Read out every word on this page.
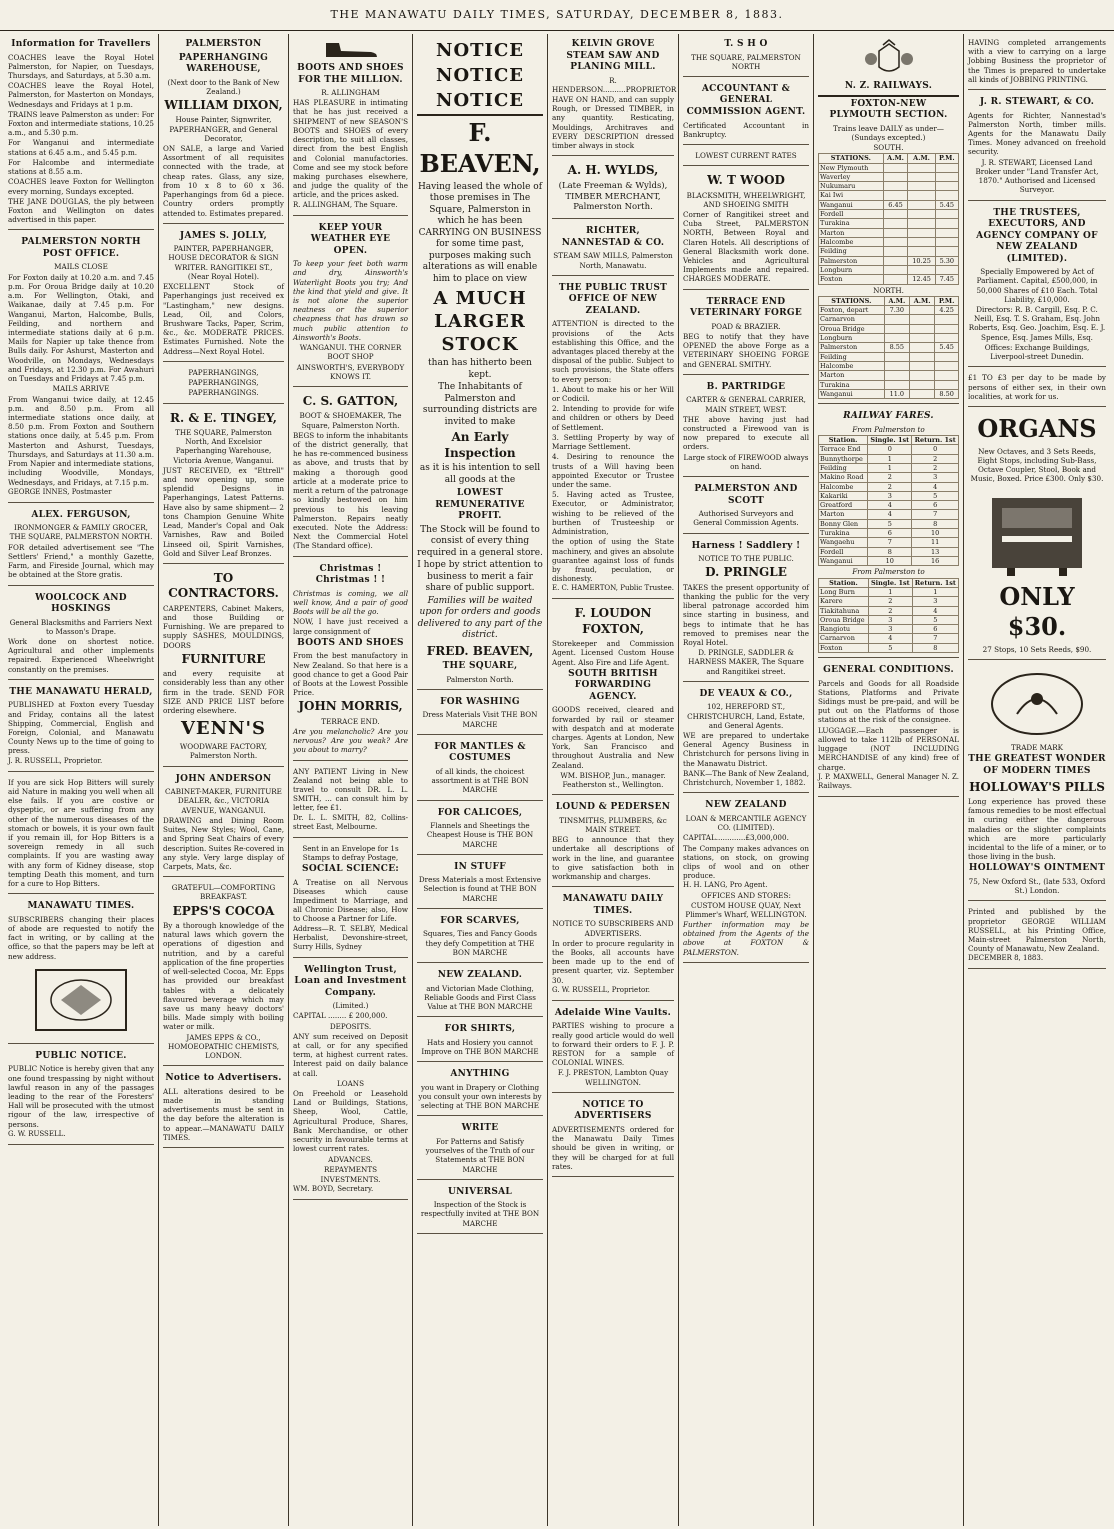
THE MANAWATU DAILY TIMES, SATURDAY, DECEMBER 8, 1883.
Information for Travellers

COACHES leave the Royal Hotel Palmerston, for Napier, on Tuesdays, Thursdays, and Saturdays, at 5.30 a.m.

COACHES leave the Royal Hotel, Palmerston, for Masterton on Mondays, Wednesdays and Fridays at 1 p.m.

TRAINS leave Palmerston as under: For Foxton and intermediate stations, 10.25 a.m., and 5.30 p.m.

For Wanganui and intermediate stations at 6.45 a.m., and 5.45 p.m.

For Halcombe and intermediate stations at 8.55 a.m.

COACHES leave Foxton for Wellington every morning, Sundays excepted.

THE JANE DOUGLAS, the ply between Foxton and Wellington on dates advertised in this paper.

PALMERSTON NORTH POST OFFICE.

MAILS CLOSE

For Foxton daily at 10.20 a.m. and 7.45 p.m. For Oroua Bridge daily at 10.20 a.m. For Wellington, Otaki, and Waikanae, daily at 7.45 p.m. For Wanganui, Marton, Halcombe, Bulls, Feilding, and northern and intermediate stations daily at 6 p.m. Mails for Napier up take thence from Bulls daily. For Ashurst, Masterton and Woodville, on Mondays, Wednesdays and Fridays, at 12.30 p.m. For Awahuri on Tuesdays and Fridays at 7.45 p.m.

MAILS ARRIVE

From Wanganui twice daily, at 12.45 p.m. and 8.50 p.m. From all intermediate stations once daily, at 8.50 p.m. From Foxton and Southern stations once daily, at 5.45 p.m. From Masterton and Ashurst, Tuesdays, Thursdays, and Saturdays at 11.30 a.m. From Napier and intermediate stations, including Woodville, Mondays, Wednesdays, and Fridays, at 7.15 p.m.

GEORGE INNES, Postmaster

ALEX. FERGUSON,

IRONMONGER & FAMILY GROCER, THE SQUARE, PALMERSTON NORTH.

FOR detailed advertisement see "The Settlers' Friend," a monthly Gazette, Farm, and Fireside Journal, which may be obtained at the Store gratis.

WOOLCOCK AND HOSKINGS

General Blacksmiths and Farriers Next to Masson's Drape.

Work done on shortest notice. Agricultural and other implements repaired. Experienced Wheelwright constantly on the premises.

THE MANAWATU HERALD,

PUBLISHED at Foxton every Tuesday and Friday, contains all the latest Shipping, Commercial, English and Foreign, Colonial, and Manawatu County News up to the time of going to press.

J. R. RUSSELL, Proprietor.

If you are sick Hop Bitters will surely aid Nature in making you well when all else fails. If you are costive or dyspeptic, or are suffering from any other of the numerous diseases of the stomach or bowels, it is your own fault if you remain ill, for Hop Bitters is a sovereign remedy in all such complaints. If you are wasting away with any form of Kidney disease, stop tempting Death this moment, and turn for a cure to Hop Bitters.

MANAWATU TIMES.

SUBSCRIBERS changing their places of abode are requested to notify the fact in writing, or by calling at the office, so that the papers may be left at new address.

PUBLIC NOTICE.

PUBLIC Notice is hereby given that any one found trespassing by night without lawful reason in any of the passages leading to the rear of the Foresters' Hall will be prosecuted with the utmost rigour of the law, irrespective of persons.

G. W. RUSSELL.

PALMERSTON
PAPERHANGING WAREHOUSE,

(Next door to the Bank of New Zealand.)

WILLIAM DIXON,

House Painter, Signwriter, PAPERHANGER, and General Decorator,

ON SALE, a large and Varied Assortment of all requisites connected with the trade, at cheap rates. Glass, any size, from 10 x 8 to 60 x 36. Paperhangings from 6d a piece. Country orders promptly attended to. Estimates prepared.

JAMES S. JOLLY,

PAINTER, PAPERHANGER, HOUSE DECORATOR & SIGN WRITER. RANGITIKEI ST., (Near Royal Hotel).

EXCELLENT Stock of Paperhangings just received ex "Lastingham," new designs. Lead, Oil, and Colors, Brushware Tacks, Paper, Scrim, &c., &c. MODERATE PRICES. Estimates Furnished. Note the Address—Next Royal Hotel.

PAPERHANGINGS,

PAPERHANGINGS,

PAPERHANGINGS.

R. & E. TINGEY,

THE SQUARE, Palmerston North, And Excelsior Paperhanging Warehouse, Victoria Avenue, Wanganui.

JUST RECEIVED, ex "Ettrell" and now opening up, some splendid Designs in Paperhangings, Latest Patterns. Have also by same shipment— 2 tons Champion Genuine White Lead, Mander's Copal and Oak Varnishes, Raw and Boiled Linseed oil, Spirit Varnishes, Gold and Silver Leaf Bronzes.

TO CONTRACTORS.

CARPENTERS, Cabinet Makers, and those Building or Furnishing. We are prepared to supply SASHES, MOULDINGS, DOORS

FURNITURE

and every requisite at considerably less than any other firm in the trade. SEND FOR SIZE AND PRICE LIST before ordering elsewhere.

VENN'S

WOODWARE FACTORY, Palmerston North.

JOHN ANDERSON

CABINET-MAKER, FURNITURE DEALER, &c., VICTORIA AVENUE, WANGANUI.

DRAWING and Dining Room Suites, New Styles; Wool, Cane, and Spring Seat Chairs of every description. Suites Re-covered in any style. Very large display of Carpets, Mats, &c.

GRATEFUL—COMFORTING BREAKFAST.

EPPS'S COCOA

By a thorough knowledge of the natural laws which govern the operations of digestion and nutrition, and by a careful application of the fine properties of well-selected Cocoa, Mr. Epps has provided our breakfast tables with a delicately flavoured beverage which may save us many heavy doctors' bills. Made simply with boiling water or milk.

JAMES EPPS & CO., HOMOEOPATHIC CHEMISTS, LONDON.

Notice to Advertisers.

ALL alterations desired to be made in standing advertisements must be sent in the day before the alteration is to appear.—MANAWATU DAILY TIMES.

BOOTS AND SHOES FOR THE MILLION.

R. ALLINGHAM

HAS PLEASURE in intimating that he has just received a SHIPMENT of new SEASON'S BOOTS and SHOES of every description, to suit all classes, direct from the best English and Colonial manufactories. Come and see my stock before making purchases elsewhere, and judge the quality of the article, and the prices asked.

R. ALLINGHAM, The Square.

KEEP YOUR WEATHER EYE OPEN.

To keep your feet both warm and dry, Ainsworth's Waterlight Boots you try; And the kind that yield and give. It is not alone the superior neatness or the superior cheapness that has drawn so much public attention to Ainsworth's Boots.

WANGANUI. THE CORNER BOOT SHOP

AINSWORTH'S, EVERYBODY KNOWS IT.

C. S. GATTON,

BOOT & SHOEMAKER, The Square, Palmerston North.

BEGS to inform the inhabitants of the district generally, that he has re-commenced business as above, and trusts that by making a thorough good article at a moderate price to merit a return of the patronage so kindly bestowed on him previous to his leaving Palmerston. Repairs neatly executed. Note the Address: Next the Commercial Hotel (The Standard office).

Christmas ! Christmas ! !

Christmas is coming, we all well know, And a pair of good Boots will be all the go.

NOW, I have just received a large consignment of

BOOTS AND SHOES

From the best manufactory in New Zealand. So that here is a good chance to get a Good Pair of Boots at the Lowest Possible Price.

JOHN MORRIS,

TERRACE END.

Are you melancholic? Are you nervous? Are you weak? Are you about to marry?

ANY PATIENT Living in New Zealand not being able to travel to consult DR. L. L. SMITH, ... can consult him by letter, fee £1.

Dr. L. L. SMITH, 82, Collins-street East, Melbourne.

Sent in an Envelope for 1s Stamps to defray Postage,

SOCIAL SCIENCE:

A Treatise on all Nervous Diseases which cause Impediment to Marriage, and all Chronic Disease; also, How to Choose a Partner for Life.

Address—R. T. SELBY, Medical Herbalist, Devonshire-street, Surry Hills, Sydney

Wellington Trust, Loan and Investment Company.

(Limited.)

CAPITAL ........ £ 200,000.

DEPOSITS.

ANY sum received on Deposit at call, or for any specified term, at highest current rates. Interest paid on daily balance at call.

LOANS

On Freehold or Leasehold Land or Buildings, Stations, Sheep, Wool, Cattle, Agricultural Produce, Shares, Bank Merchandise, or other security in favourable terms at lowest current rates.

ADVANCES.

REPAYMENTS

INVESTMENTS.

WM. BOYD, Secretary.

NOTICE
NOTICE
NOTICE
F. BEAVEN,

Having leased the whole of those premises in The Square, Palmerston in which he has been CARRYING ON BUSINESS for some time past, purposes making such alterations as will enable him to place on view

A MUCH LARGER STOCK

than has hitherto been kept.

The Inhabitants of Palmerston and surrounding districts are invited to make

An Early Inspection

as it is his intention to sell all goods at the

LOWEST REMUNERATIVE PROFIT.

The Stock will be found to consist of every thing required in a general store.

I hope by strict attention to business to merit a fair share of public support.

Families will be waited upon for orders and goods delivered to any part of the district.

FRED. BEAVEN,
THE SQUARE,

Palmerston North.

FOR WASHING

Dress Materials Visit THE BON MARCHE

FOR MANTLES & COSTUMES

of all kinds, the choicest assortment is at THE BON MARCHE

FOR CALICOES,

Flannels and Sheetings the Cheapest House is THE BON MARCHE

IN STUFF

Dress Materials a most Extensive Selection is found at THE BON MARCHE

FOR SCARVES,

Squares, Ties and Fancy Goods they defy Competition at THE BON MARCHE

NEW ZEALAND.

and Victorian Made Clothing, Reliable Goods and First Class Value at THE BON MARCHE

FOR SHIRTS,

Hats and Hosiery you cannot Improve on THE BON MARCHE

ANYTHING

you want in Drapery or Clothing you consult your own interests by selecting at THE BON MARCHE

WRITE

For Patterns and Satisfy yourselves of the Truth of our Statements at THE BON MARCHE

UNIVERSAL

Inspection of the Stock is respectfully invited at THE BON MARCHE

KELVIN GROVE STEAM SAW AND PLANING MILL.

R. HENDERSON..........PROPRIETOR

HAVE ON HAND, and can supply Rough, or Dressed TIMBER, in any quantity. Resticating, Mouldings, Architraves and EVERY DESCRIPTION dressed timber always in stock

A. H. WYLDS,

(Late Freeman & Wylds), TIMBER MERCHANT, Palmerston North.

RICHTER, NANNESTAD & CO.

STEAM SAW MILLS, Palmerston North, Manawatu.

THE PUBLIC TRUST OFFICE OF NEW ZEALAND.

ATTENTION is directed to the provisions of the Acts establishing this Office, and the advantages placed thereby at the disposal of the public. Subject to such provisions, the State offers to every person:

1. About to make his or her Will or Codicil.

2. Intending to provide for wife and children or others by Deed of Settlement.

3. Settling Property by way of Marriage Settlement.

4. Desiring to renounce the trusts of a Will having been appointed Executor or Trustee under the same.

5. Having acted as Trustee, Executor, or Administrator, wishing to be relieved of the burthen of Trusteeship or Administration,

the option of using the State machinery, and gives an absolute guarantee against loss of funds by fraud, peculation, or dishonesty.

E. C. HAMERTON, Public Trustee.

F. LOUDON FOXTON,

Storekeeper and Commission Agent. Licensed Custom House Agent. Also Fire and Life Agent.

SOUTH BRITISH FORWARDING AGENCY.

GOODS received, cleared and forwarded by rail or steamer with despatch and at moderate charges. Agents at London, New York, San Francisco and throughout Australia and New Zealand.

WM. BISHOP, Jun., manager. Featherston st., Wellington.

LOUND & PEDERSEN

TINSMITHS, PLUMBERS, &c MAIN STREET.

BEG to announce that they undertake all descriptions of work in the line, and guarantee to give satisfaction both in workmanship and charges.

MANAWATU DAILY TIMES.

NOTICE TO SUBSCRIBERS AND ADVERTISERS.

In order to procure regularity in the Books, all accounts have been made up to the end of present quarter, viz. September 30.

G. W. RUSSELL, Proprietor.

Adelaide Wine Vaults.

PARTIES wishing to procure a really good article would do well to forward their orders to F. J. P. RESTON for a sample of COLONIAL WINES.

F. J. PRESTON, Lambton Quay WELLINGTON.

NOTICE TO ADVERTISERS

ADVERTISEMENTS ordered for the Manawatu Daily Times should be given in writing, or they will be charged for at full rates.

T. S H O

THE SQUARE, PALMERSTON NORTH

ACCOUNTANT & GENERAL COMMISSION AGENT.

Certificated Accountant in Bankruptcy.

LOWEST CURRENT RATES

W. T WOOD

BLACKSMITH, WHEELWRIGHT, AND SHOEING SMITH

Corner of Rangitikei street and Cuba Street, PALMERSTON NORTH, Between Royal and Claren Hotels. All descriptions of General Blacksmith work done. Vehicles and Agricultural Implements made and repaired. CHARGES MODERATE.

TERRACE END VETERINARY FORGE

POAD & BRAZIER.

BEG to notify that they have OPENED the above Forge as a VETERINARY SHOEING FORGE and GENERAL SMITHY.

B. PARTRIDGE

CARTER & GENERAL CARRIER, MAIN STREET, WEST.

THE above having just had constructed a Firewood van is now prepared to execute all orders.

Large stock of FIREWOOD always on hand.

PALMERSTON AND SCOTT

Authorised Surveyors and General Commission Agents.

Harness ! Saddlery !

NOTICE TO THE PUBLIC.

D. PRINGLE

TAKES the present opportunity of thanking the public for the very liberal patronage accorded him since starting in business, and begs to intimate that he has removed to premises near the Royal Hotel.

D. PRINGLE, SADDLER & HARNESS MAKER, The Square and Rangitikei street.

DE VEAUX & CO.,

102, HEREFORD ST., CHRISTCHURCH, Land, Estate, and General Agents.

WE are prepared to undertake General Agency Business in Christchurch for persons living in the Manawatu District.

BANK—The Bank of New Zealand, Christchurch, November 1, 1882.

NEW ZEALAND

LOAN & MERCANTILE AGENCY CO. (LIMITED).

CAPITAL.............£3,000,000.

The Company makes advances on stations, on stock, on growing clips of wool and on other produce.

H. H. LANG, Pro Agent.

OFFICES AND STORES: CUSTOM HOUSE QUAY, Next Plimmer's Wharf, WELLINGTON.

Further information may be obtained from the Agents of the above at FOXTON & PALMERSTON.

N. Z. RAILWAYS.
FOXTON-NEW PLYMOUTH SECTION.

Trains leave DAILY as under—(Sundays excepted.)

SOUTH.

STATIONS.	A.M.	A.M.	P.M.
New Plymouth			
Waverley			
Nukumaru			
Kai Iwi			
Wanganui	6.45		5.45
Fordell			
Turakina			
Marton			
Halcombe			
Feilding			
Palmerston		10.25	5.30
Longburn			
Foxton		12.45	7.45

NORTH.

STATIONS.	A.M.	A.M.	P.M.
Foxton, depart	7.30		4.25
Carnarvon			
Oroua Bridge			
Longburn			
Palmerston	8.55		5.45
Feilding			
Halcombe			
Marton			
Turakina			
Wanganui	11.0		8.50
RAILWAY FARES.

From Palmerston to

Station.	Single. 1st	Return. 1st
Terrace End	0	0
Bunnythorpe	1	2
Feilding	1	2
Makino Road	2	3
Halcombe	2	4
Kakariki	3	5
Greatford	4	6
Marton	4	7
Bonny Glen	5	8
Turakina	6	10
Wangaehu	7	11
Fordell	8	13
Wanganui	10	16

From Palmerston to

Station.	Single. 1st	Return. 1st
Long Burn	1	1
Karere	2	3
Tiakitahuna	2	4
Oroua Bridge	3	5
Rangiotu	3	6
Carnarvon	4	7
Foxton	5	8
GENERAL CONDITIONS.

Parcels and Goods for all Roadside Stations, Platforms and Private Sidings must be pre-paid, and will be put out on the Platforms of those stations at the risk of the consignee.

LUGGAGE.—Each passenger is allowed to take 112lb of PERSONAL luggage (NOT INCLUDING MERCHANDISE of any kind) free of charge.

J. P. MAXWELL, General Manager N. Z. Railways.

HAVING completed arrangements with a view to carrying on a large Jobbing Business the proprietor of the Times is prepared to undertake all kinds of JOBBING PRINTING.

J. R. STEWART, & CO.

Agents for Richter, Nannestad's Palmerston North, timber mills. Agents for the Manawatu Daily Times. Money advanced on freehold security.

J. R. STEWART, Licensed Land Broker under "Land Transfer Act, 1870." Authorised and Licensed Surveyor.

THE TRUSTEES, EXECUTORS, AND AGENCY COMPANY OF NEW ZEALAND (LIMITED).

Specially Empowered by Act of Parliament. Capital, £500,000, in 50,000 Shares of £10 Each. Total Liability, £10,000.

Directors: R. B. Cargill, Esq. P. C. Neill, Esq. T. S. Graham, Esq. John Roberts, Esq. Geo. Joachim, Esq. E. J. Spence, Esq. James Mills, Esq.

Offices: Exchange Buildings, Liverpool-street Dunedin.

£1 TO £3 per day to be made by persons of either sex, in their own localities, at work for us.

ORGANS

New Octaves, and 3 Sets Reeds, Eight Stops, including Sub-Bass, Octave Coupler, Stool, Book and Music, Boxed. Price £300. Only $30.

ONLY $30.

27 Stops, 10 Sets Reeds, $90.

TRADE MARK

THE GREATEST WONDER OF MODERN TIMES
HOLLOWAY'S PILLS

Long experience has proved these famous remedies to be most effectual in curing either the dangerous maladies or the slighter complaints which are more particularly incidental to the life of a miner, or to those living in the bush.

HOLLOWAY'S OINTMENT

75, New Oxford St., (late 533, Oxford St.) London.

Printed and published by the proprietor GEORGE WILLIAM RUSSELL, at his Printing Office, Main-street Palmerston North, County of Manawatu, New Zealand.

DECEMBER 8, 1883.
